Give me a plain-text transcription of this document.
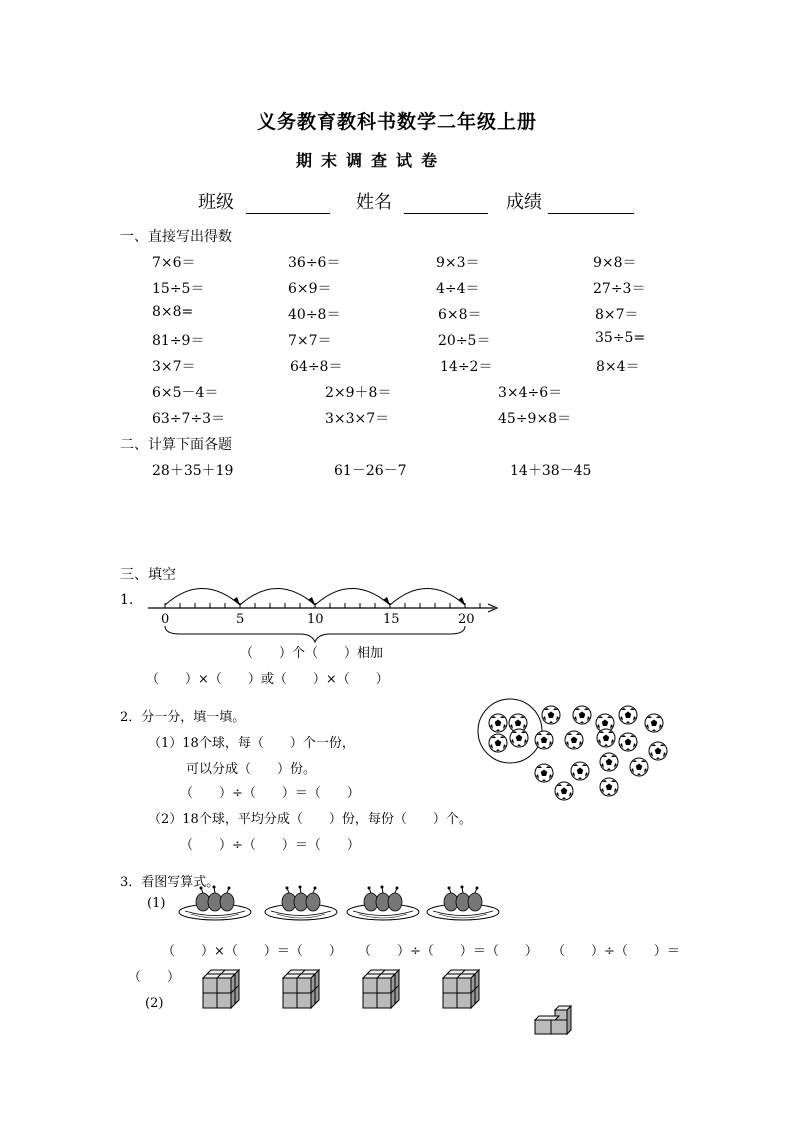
义务教育教科书数学二年级上册
期末调查试卷
班级	姓名	成绩
一、直接写出得数
7×6＝	36÷6＝	9×3＝	9×8＝
15÷5＝	6×9＝	4÷4＝	27÷3＝
8×8=	40÷8＝	6×8＝	8×7＝
81÷9＝	7×7＝	20÷5＝	35÷5=
3×7＝	64÷8＝	14÷2＝	8×4＝
6×5－4＝	2×9＋8＝	3×4÷6＝
63÷7÷3＝	3×3×7＝	45÷9×8＝
二、计算下面各题
28＋35＋19	61－26－7	14＋38－45
三、填空
1.
0	5	10	15	20
（　　）个（　　）相加
（　　）×（　　）或（　　）×（　　）
2．分一分，填一填。
（1）18个球，每（　　）个一份，
可以分成（　　）份。
（　　）÷（　　）＝（　　）
（2）18个球，平均分成（　　）份，每份（　　）个。
（　　）÷（　　）＝（　　）
3．看图写算式。
(1)
（　　）×（　　）＝（　　） （　　）÷（　　）＝（　　） （　　）÷（　　）＝
（　　）
(2)
